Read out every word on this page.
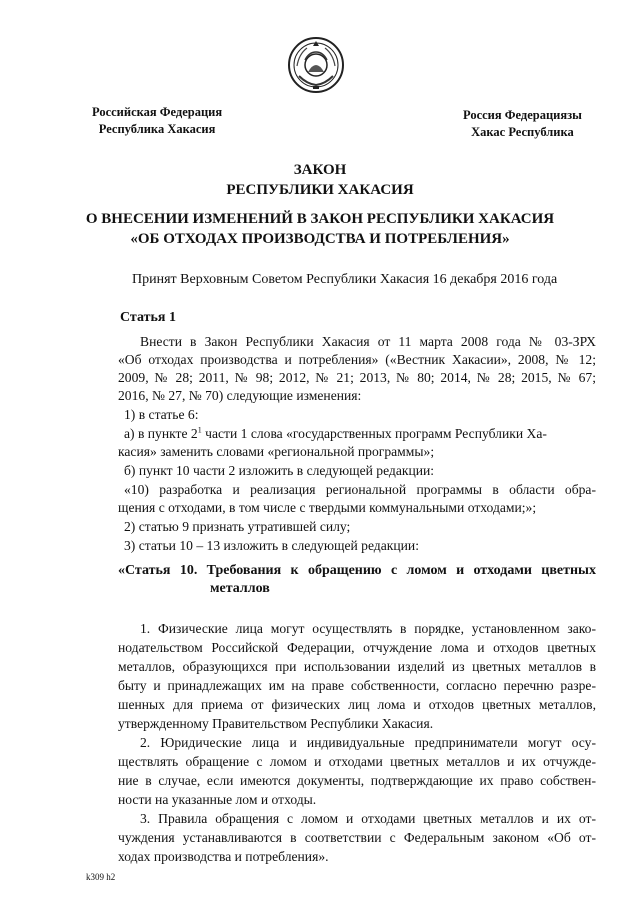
Российская Федерация
Республика Хакасия
Россия Федерациязы
Хакас Республика
ЗАКОН
РЕСПУБЛИКИ ХАКАСИЯ
О ВНЕСЕНИИ ИЗМЕНЕНИЙ В ЗАКОН РЕСПУБЛИКИ ХАКАСИЯ
«ОБ ОТХОДАХ ПРОИЗВОДСТВА И ПОТРЕБЛЕНИЯ»
Принят Верховным Советом Республики Хакасия 16 декабря 2016 года
Статья 1
Внести в Закон Республики Хакасия от 11 марта 2008 года № 03-ЗРХ
«Об отходах производства и потребления» («Вестник Хакасии», 2008, № 12;
2009, № 28; 2011, № 98; 2012, № 21; 2013, № 80; 2014, № 28; 2015, № 67;
2016, № 27, № 70) следующие изменения:
1) в статье 6:
а) в пункте $2^1$ части 1 слова «государственных программ Республики Ха-
касия» заменить словами «региональной программы»;
б) пункт 10 части 2 изложить в следующей редакции:
«10) разработка и реализация региональной программы в области обра-
щения с отходами, в том числе с твердыми коммунальными отходами;»;
2) статью 9 признать утратившей силу;
3) статьи 10 – 13 изложить в следующей редакции:
«Статья 10. Требования к обращению с ломом и отходами цветных
металлов
1. Физические лица могут осуществлять в порядке, установленном зако-
нодательством Российской Федерации, отчуждение лома и отходов цветных
металлов, образующихся при использовании изделий из цветных металлов в
быту и принадлежащих им на праве собственности, согласно перечню разре-
шенных для приема от физических лиц лома и отходов цветных металлов,
утвержденному Правительством Республики Хакасия.
2. Юридические лица и индивидуальные предприниматели могут осу-
ществлять обращение с ломом и отходами цветных металлов и их отчужде-
ние в случае, если имеются документы, подтверждающие их право собствен-
ности на указанные лом и отходы.
3. Правила обращения с ломом и отходами цветных металлов и их от-
чуждения устанавливаются в соответствии с Федеральным законом «Об от-
ходах производства и потребления».
k309 h2
